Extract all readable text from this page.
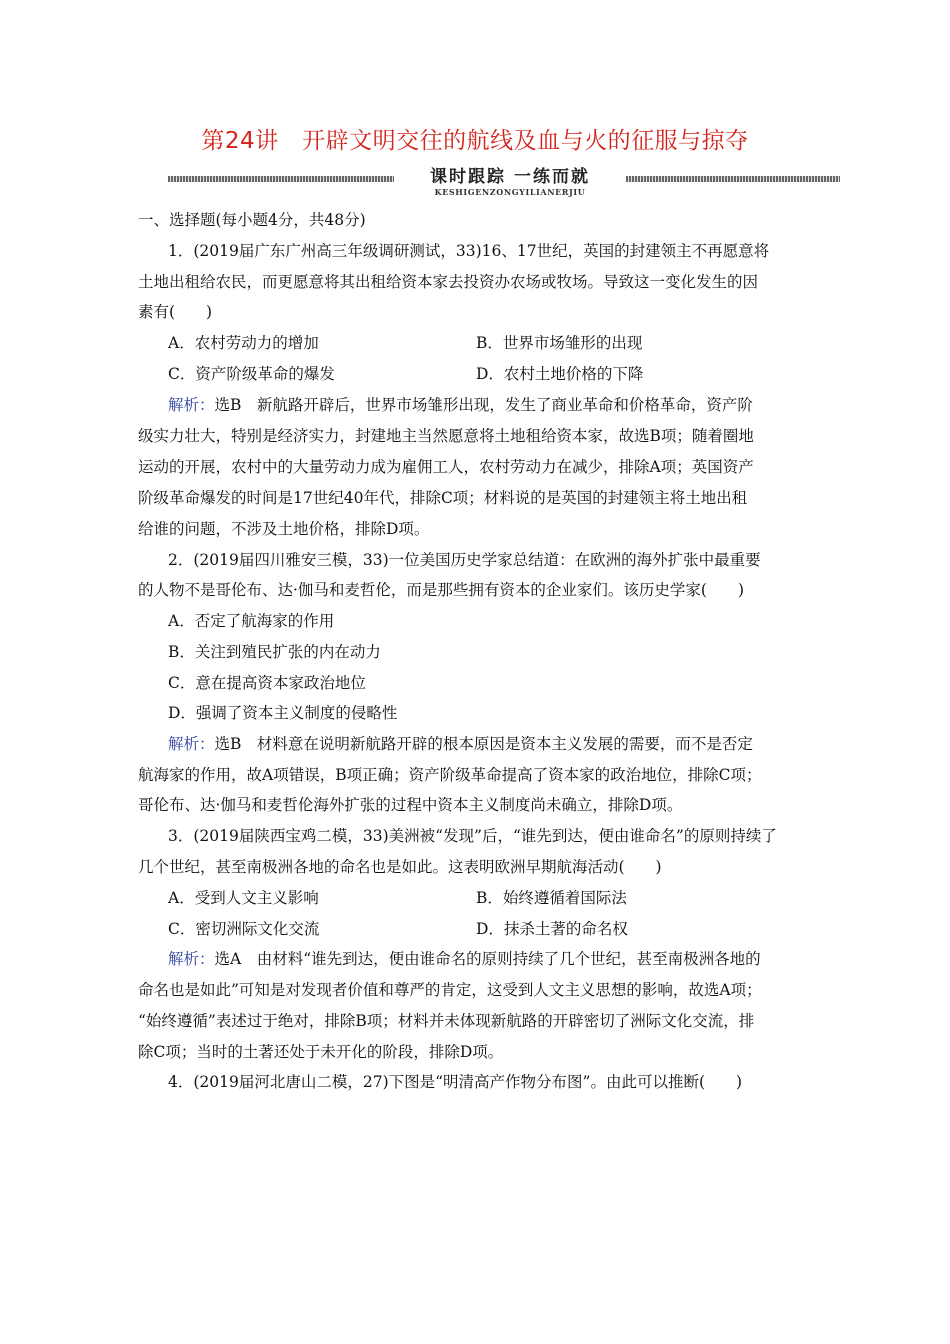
第24讲　开辟文明交往的航线及血与火的征服与掠夺
课时跟踪 一练而就
KESHIGENZONGYILIANERJIU
一、选择题(每小题4分，共48分)
1．(2019届广东广州高三年级调研测试，33)16、17世纪，英国的封建领主不再愿意将
土地出租给农民，而更愿意将其出租给资本家去投资办农场或牧场。导致这一变化发生的因
素有(　　)
A．农村劳动力的增加	B．世界市场雏形的出现
C．资产阶级革命的爆发	D．农村土地价格的下降
解析：选B　新航路开辟后，世界市场雏形出现，发生了商业革命和价格革命，资产阶
级实力壮大，特别是经济实力，封建地主当然愿意将土地租给资本家，故选B项；随着圈地
运动的开展，农村中的大量劳动力成为雇佣工人，农村劳动力在减少，排除A项；英国资产
阶级革命爆发的时间是17世纪40年代，排除C项；材料说的是英国的封建领主将土地出租
给谁的问题，不涉及土地价格，排除D项。
2．(2019届四川雅安三模，33)一位美国历史学家总结道：在欧洲的海外扩张中最重要
的人物不是哥伦布、达·伽马和麦哲伦，而是那些拥有资本的企业家们。该历史学家(　　)
A．否定了航海家的作用
B．关注到殖民扩张的内在动力
C．意在提高资本家政治地位
D．强调了资本主义制度的侵略性
解析：选B　材料意在说明新航路开辟的根本原因是资本主义发展的需要，而不是否定
航海家的作用，故A项错误，B项正确；资产阶级革命提高了资本家的政治地位，排除C项；
哥伦布、达·伽马和麦哲伦海外扩张的过程中资本主义制度尚未确立，排除D项。
3．(2019届陕西宝鸡二模，33)美洲被“发现”后，“谁先到达，便由谁命名”的原则持续了
几个世纪，甚至南极洲各地的命名也是如此。这表明欧洲早期航海活动(　　)
A．受到人文主义影响	B．始终遵循着国际法
C．密切洲际文化交流	D．抹杀土著的命名权
解析：选A　由材料“谁先到达，便由谁命名的原则持续了几个世纪，甚至南极洲各地的
命名也是如此”可知是对发现者价值和尊严的肯定，这受到人文主义思想的影响，故选A项；
“始终遵循”表述过于绝对，排除B项；材料并未体现新航路的开辟密切了洲际文化交流，排
除C项；当时的土著还处于未开化的阶段，排除D项。
4．(2019届河北唐山二模，27)下图是“明清高产作物分布图”。由此可以推断(　　)
